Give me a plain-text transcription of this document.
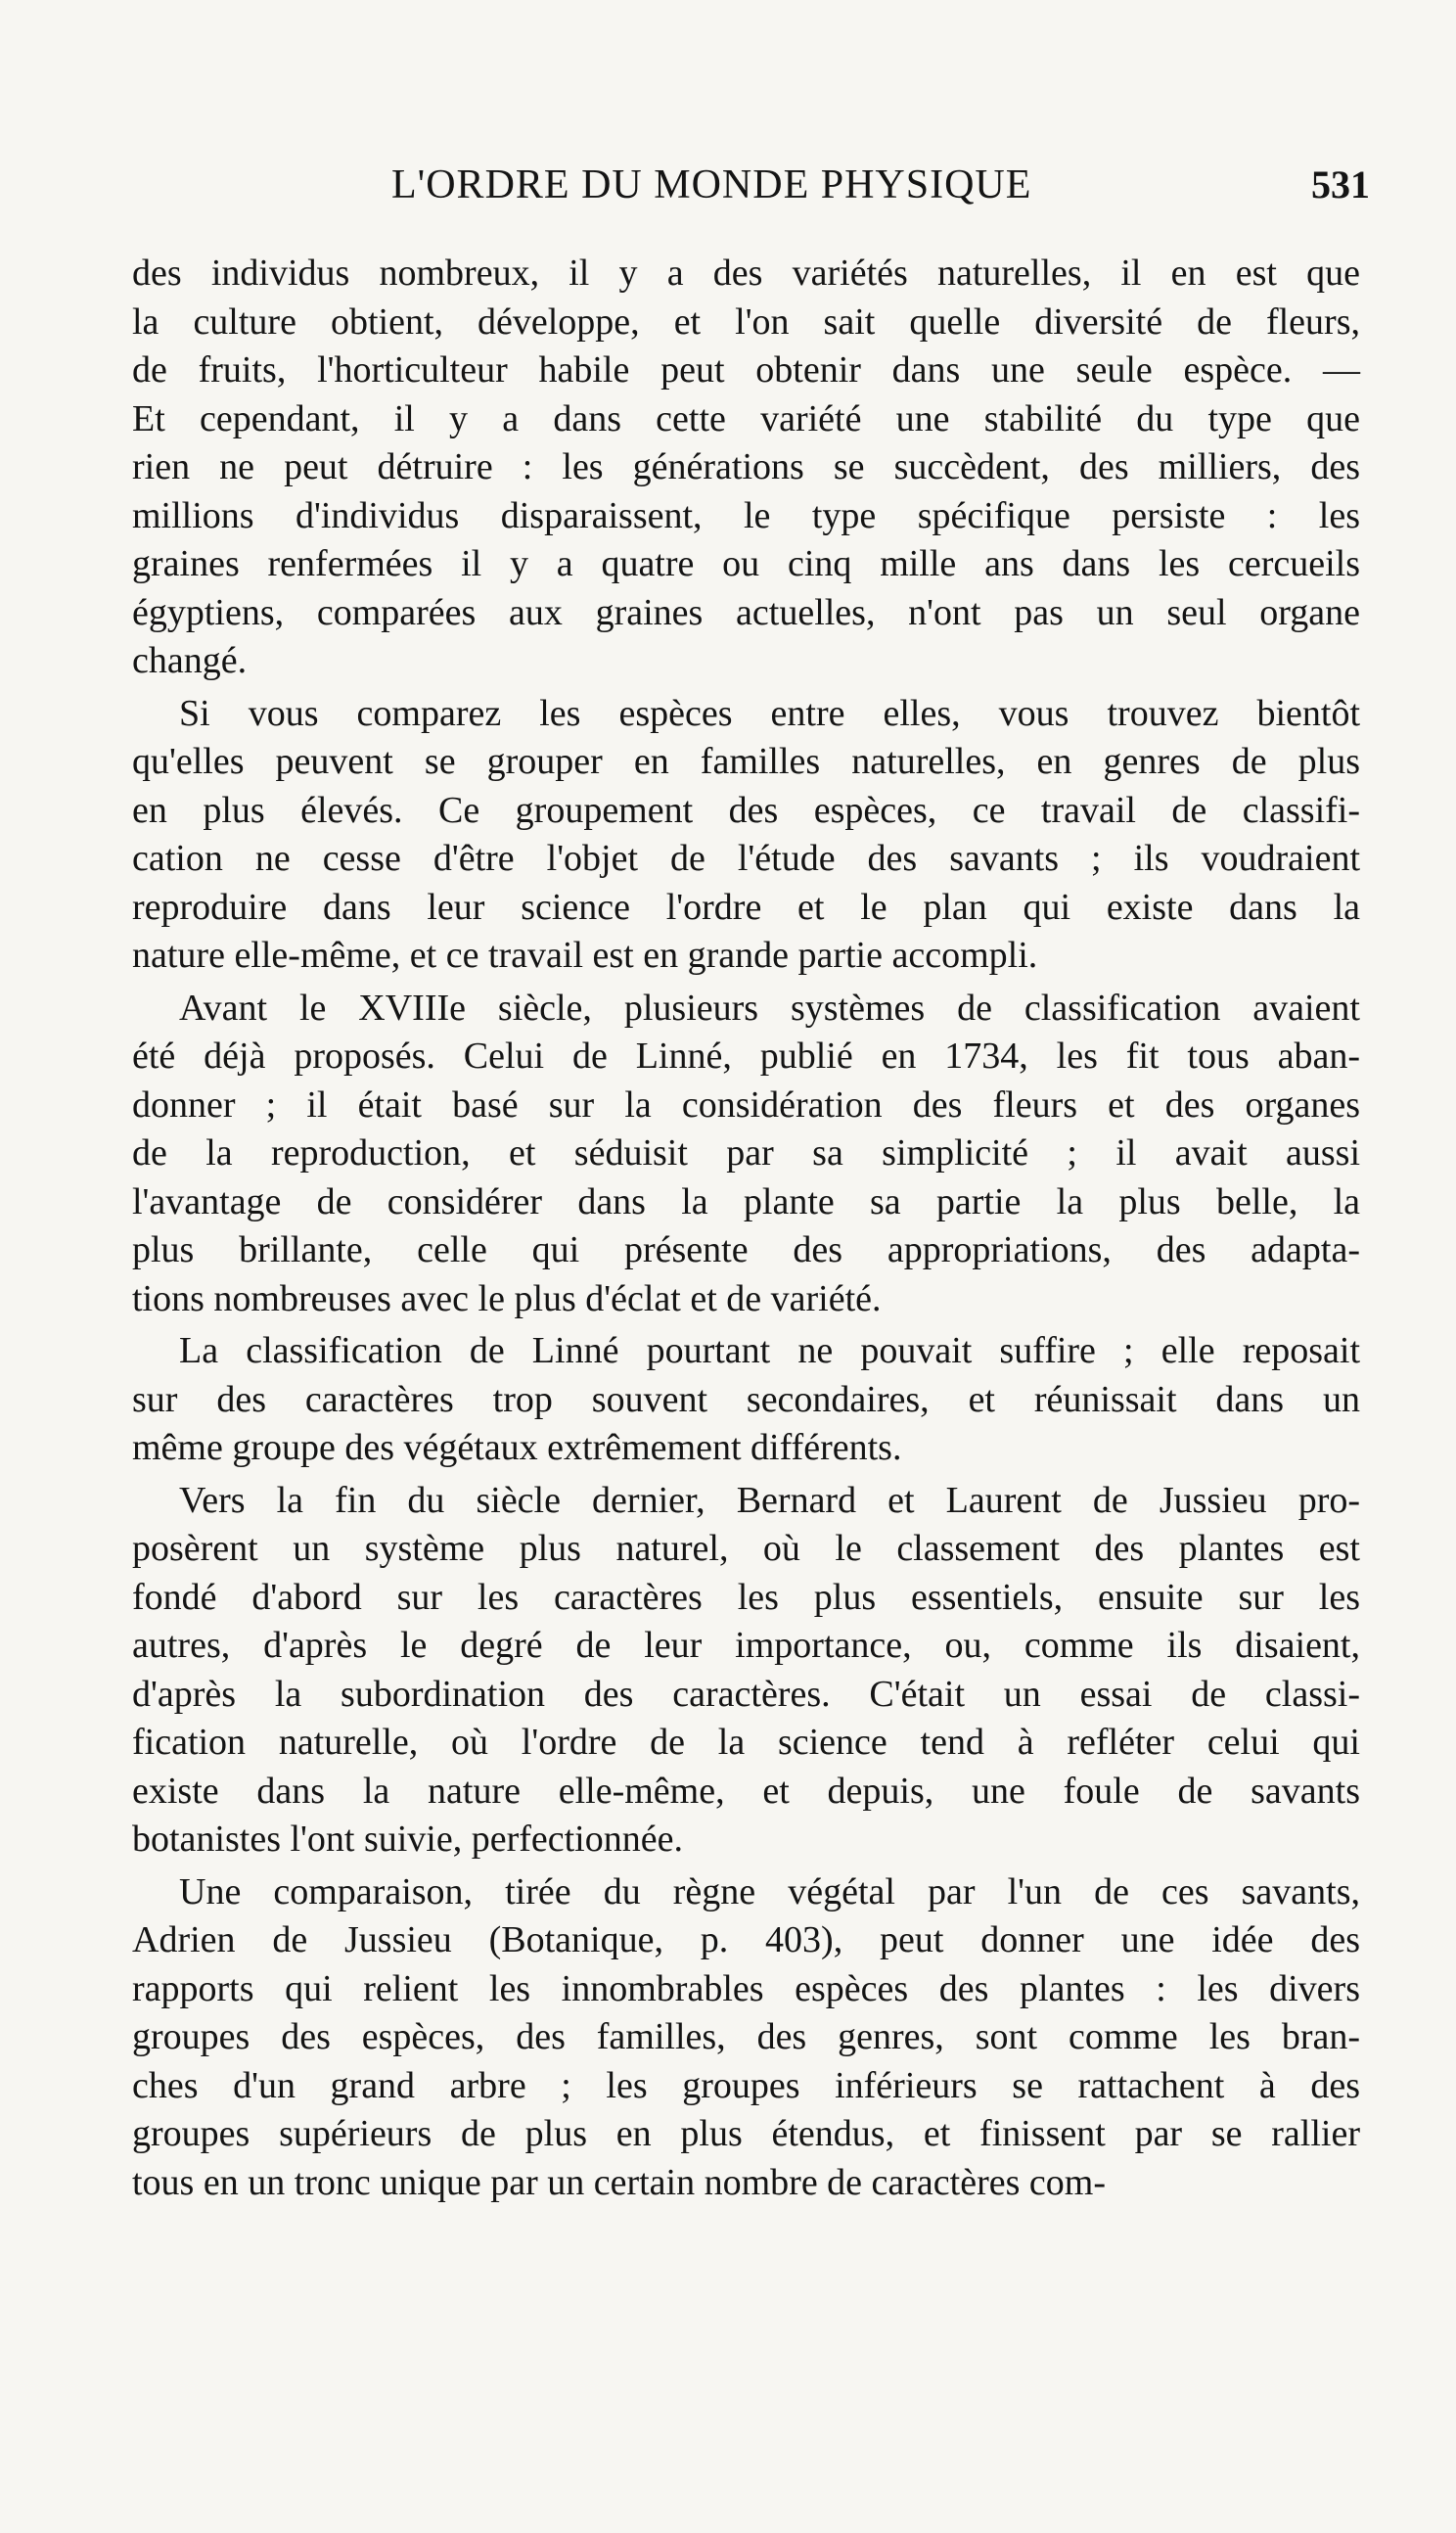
L'ORDRE DU MONDE PHYSIQUE	531
des individus nombreux, il y a des variétés naturelles, il en est que
la culture obtient, développe, et l'on sait quelle diversité de fleurs,
de fruits, l'horticulteur habile peut obtenir dans une seule espèce. —
Et cependant, il y a dans cette variété une stabilité du type que
rien ne peut détruire : les générations se succèdent, des milliers, des
millions d'individus disparaissent, le type spécifique persiste : les
graines renfermées il y a quatre ou cinq mille ans dans les cercueils
égyptiens, comparées aux graines actuelles, n'ont pas un seul organe
changé.
Si vous comparez les espèces entre elles, vous trouvez bientôt
qu'elles peuvent se grouper en familles naturelles, en genres de plus
en plus élevés. Ce groupement des espèces, ce travail de classifi-
cation ne cesse d'être l'objet de l'étude des savants ; ils voudraient
reproduire dans leur science l'ordre et le plan qui existe dans la
nature elle-même, et ce travail est en grande partie accompli.
Avant le XVIIIe siècle, plusieurs systèmes de classification avaient
été déjà proposés. Celui de Linné, publié en 1734, les fit tous aban-
donner ; il était basé sur la considération des fleurs et des organes
de la reproduction, et séduisit par sa simplicité ; il avait aussi
l'avantage de considérer dans la plante sa partie la plus belle, la
plus brillante, celle qui présente des appropriations, des adapta-
tions nombreuses avec le plus d'éclat et de variété.
La classification de Linné pourtant ne pouvait suffire ; elle reposait
sur des caractères trop souvent secondaires, et réunissait dans un
même groupe des végétaux extrêmement différents.
Vers la fin du siècle dernier, Bernard et Laurent de Jussieu pro-
posèrent un système plus naturel, où le classement des plantes est
fondé d'abord sur les caractères les plus essentiels, ensuite sur les
autres, d'après le degré de leur importance, ou, comme ils disaient,
d'après la subordination des caractères. C'était un essai de classi-
fication naturelle, où l'ordre de la science tend à refléter celui qui
existe dans la nature elle-même, et depuis, une foule de savants
botanistes l'ont suivie, perfectionnée.
Une comparaison, tirée du règne végétal par l'un de ces savants,
Adrien de Jussieu (Botanique, p. 403), peut donner une idée des
rapports qui relient les innombrables espèces des plantes : les divers
groupes des espèces, des familles, des genres, sont comme les bran-
ches d'un grand arbre ; les groupes inférieurs se rattachent à des
groupes supérieurs de plus en plus étendus, et finissent par se rallier
tous en un tronc unique par un certain nombre de caractères com-
